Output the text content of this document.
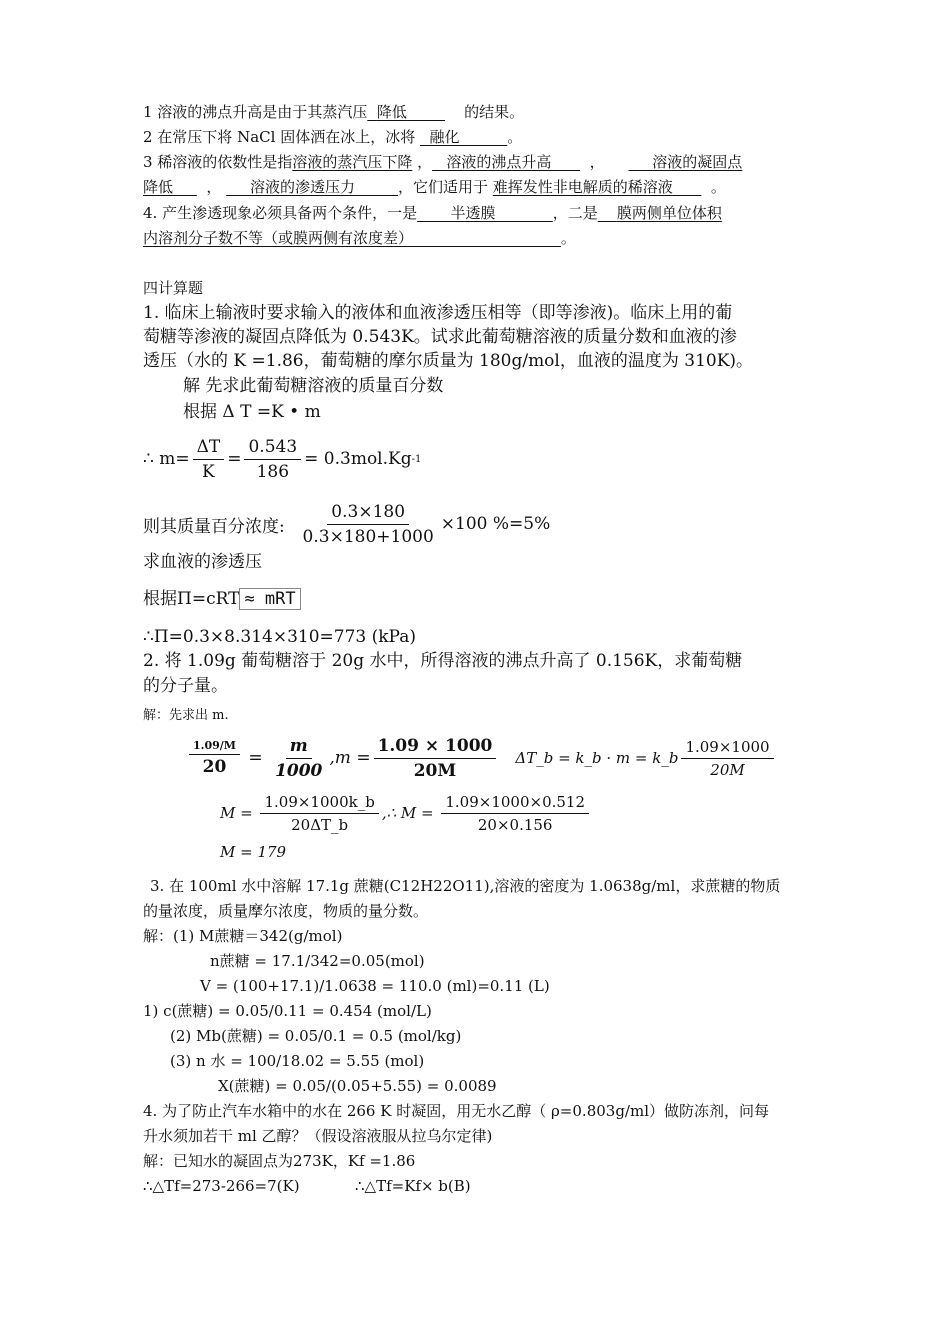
1 溶液的沸点升高是由于其蒸汽压 降低	的结果。
2 在常压下将 NaCl 固体洒在冰上，冰将 融化	。
3 稀溶液的依数性是指溶液的蒸汽压下降 ， 溶液的沸点升高        ，          溶液的凝固点
降低       ，      溶液的渗透压力	，它们适用于 难挥发性非电解质的稀溶液	。
4. 产生渗透现象必须具备两个条件，一是 半透膜	，二是 膜两侧单位体积
内溶剂分子数不等（或膜两侧有浓度差）	。
四计算题
1. 临床上输液时要求输入的液体和血液渗透压相等（即等渗液)。临床上用的葡
萄糖等渗液的凝固点降低为 0.543K。试求此葡萄糖溶液的质量分数和血液的渗
透压（水的 K =1.86，葡萄糖的摩尔质量为 180g/mol，血液的温度为 310K)。
解 先求此葡萄糖溶液的质量百分数
根据 Δ T =K • m
∴ $m= \frac{\Delta T}{K} = \frac{0.543}{186} = 0.3mol.Kg$ -1
则其质量百分浓度:
$\frac{0.3\times 180}{0.3\times 180+1000} \times 100$ %=5%
求血液的渗透压
根据Π=cRT ≈ mRT
∴Π=0.3×8.314×310=773 (kPa)
2. 将 1.09g 葡萄糖溶于 20g 水中，所得溶液的沸点升高了 0.156K，求葡萄糖
的分子量。
解：先求出 m.
$\frac{1.09/M}{20} = \frac{m}{1000} ,m = \frac{1.09 \times 1000}{20M}$ ΔT_b = k_b · m = k_b $\frac{1.09\times 1000}{20M}$
$M = \frac{1.09\times 1000k\_b}{20\Delta T\_b}$ ,∴ $M = \frac{1.09\times 1000\times 0.512}{20\times 0.156}$
M = 179
3. 在 100ml 水中溶解 17.1g 蔗糖(C12H22O11),溶液的密度为 1.0638g/ml，求蔗糖的物质
的量浓度，质量摩尔浓度，物质的量分数。
解：(1) M蔗糖＝342(g/mol)
n蔗糖 = 17.1/342=0.05(mol)
V = (100+17.1)/1.0638 = 110.0 (ml)=0.11 (L)
1) c(蔗糖) = 0.05/0.11 = 0.454 (mol/L)
(2) Mb(蔗糖) = 0.05/0.1 = 0.5 (mol/kg)
(3) n 水 = 100/18.02 = 5.55 (mol)
X(蔗糖) = 0.05/(0.05+5.55) = 0.0089
4. 为了防止汽车水箱中的水在 266 K 时凝固，用无水乙醇（ ρ=0.803g/ml）做防冻剂，问每
升水须加若干 ml 乙醇？（假设溶液服从拉乌尔定律)
解：已知水的凝固点为273K，Kf =1.86
∴△Tf=273-266=7(K)	∴△Tf=Kf× b(B)
